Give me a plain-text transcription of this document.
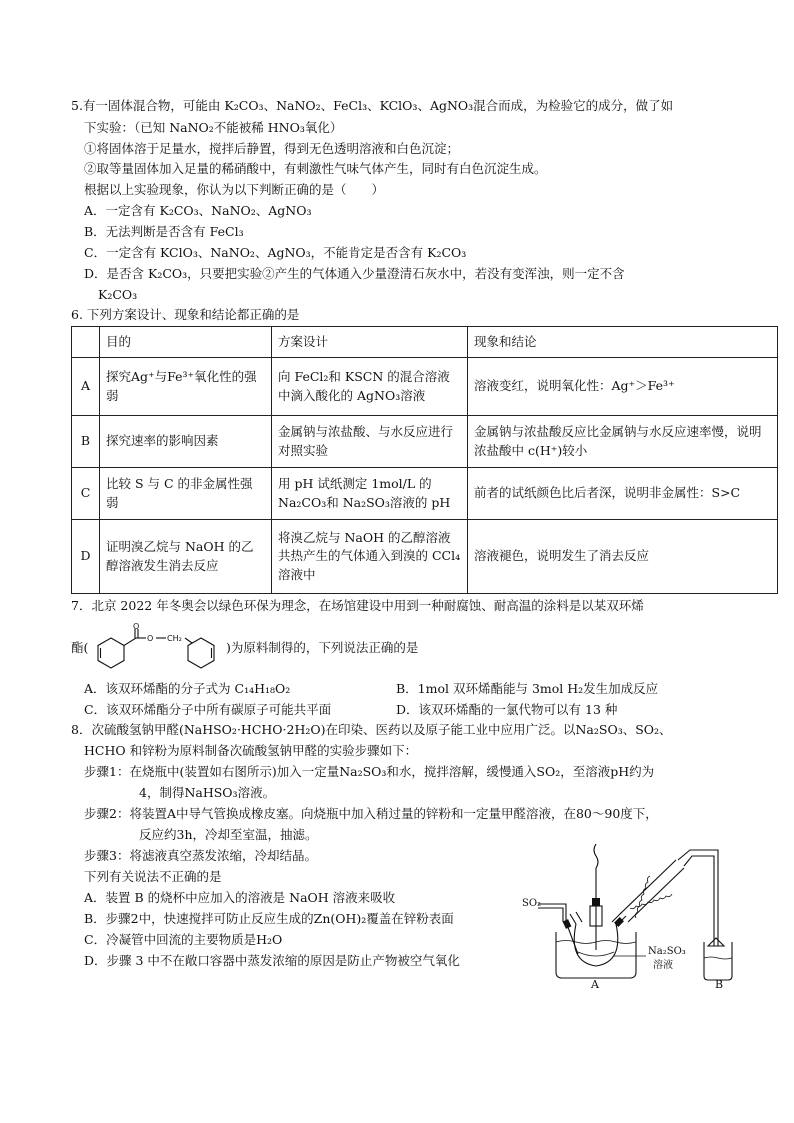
5.有一固体混合物，可能由 K₂CO₃、NaNO₂、FeCl₃、KClO₃、AgNO₃混合而成，为检验它的成分，做了如
下实验：（已知 NaNO₂不能被稀 HNO₃氧化）
①将固体溶于足量水，搅拌后静置，得到无色透明溶液和白色沉淀；
②取等量固体加入足量的稀硝酸中，有刺激性气味气体产生，同时有白色沉淀生成。
根据以上实验现象，你认为以下判断正确的是（　　）
A．一定含有 K₂CO₃、NaNO₂、AgNO₃
B．无法判断是否含有 FeCl₃
C．一定含有 KClO₃、NaNO₂、AgNO₃，不能肯定是否含有 K₂CO₃
D．是否含 K₂CO₃，只要把实验②产生的气体通入少量澄清石灰水中，若没有变浑浊，则一定不含
K₂CO₃
6. 下列方案设计、现象和结论都正确的是
	目的	方案设计	现象和结论
A	探究Ag⁺与Fe³⁺氧化性的强弱	向 FeCl₂和 KSCN 的混合溶液中滴入酸化的 AgNO₃溶液	溶液变红，说明氧化性：Ag⁺＞Fe³⁺
B	探究速率的影响因素	金属钠与浓盐酸、与水反应进行对照实验	金属钠与浓盐酸反应比金属钠与水反应速率慢，说明浓盐酸中 c(H⁺)较小
C	比较 S 与 C 的非金属性强弱	用 pH 试纸测定 1mol/L 的 Na₂CO₃和 Na₂SO₃溶液的 pH	前者的试纸颜色比后者深，说明非金属性：S>C
D	证明溴乙烷与 NaOH 的乙醇溶液发生消去反应	将溴乙烷与 NaOH 的乙醇溶液共热产生的气体通入到溴的 CCl₄溶液中	溶液褪色，说明发生了消去反应
7．北京 2022 年冬奥会以绿色环保为理念，在场馆建设中用到一种耐腐蚀、耐高温的涂料是以某双环烯
酯(
O
O CH₂
)为原料制得的，下列说法正确的是
A．该双环烯酯的分子式为 C₁₄H₁₈O₂	B．1mol 双环烯酯能与 3mol H₂发生加成反应
C．该双环烯酯分子中所有碳原子可能共平面	D．该双环烯酯的一氯代物可以有 13 种
8．次硫酸氢钠甲醛(NaHSO₂·HCHO·2H₂O)在印染、医药以及原子能工业中应用广泛。以Na₂SO₃、SO₂、
HCHO 和锌粉为原料制备次硫酸氢钠甲醛的实验步骤如下：
步骤1：在烧瓶中(装置如右图所示)加入一定量Na₂SO₃和水，搅拌溶解，缓慢通入SO₂，至溶液pH约为
4，制得NaHSO₃溶液。
步骤2：将装置A中导气管换成橡皮塞。向烧瓶中加入稍过量的锌粉和一定量甲醛溶液，在80～90度下，
反应约3h，冷却至室温，抽滤。
步骤3：将滤液真空蒸发浓缩，冷却结晶。
下列有关说法不正确的是
A．装置 B 的烧杯中应加入的溶液是 NaOH 溶液来吸收
B．步骤2中，快速搅拌可防止反应生成的Zn(OH)₂覆盖在锌粉表面
C．冷凝管中回流的主要物质是H₂O
D．步骤 3 中不在敞口容器中蒸发浓缩的原因是防止产物被空气氧化
SO₂
Na₂SO₃
溶液
A	B
